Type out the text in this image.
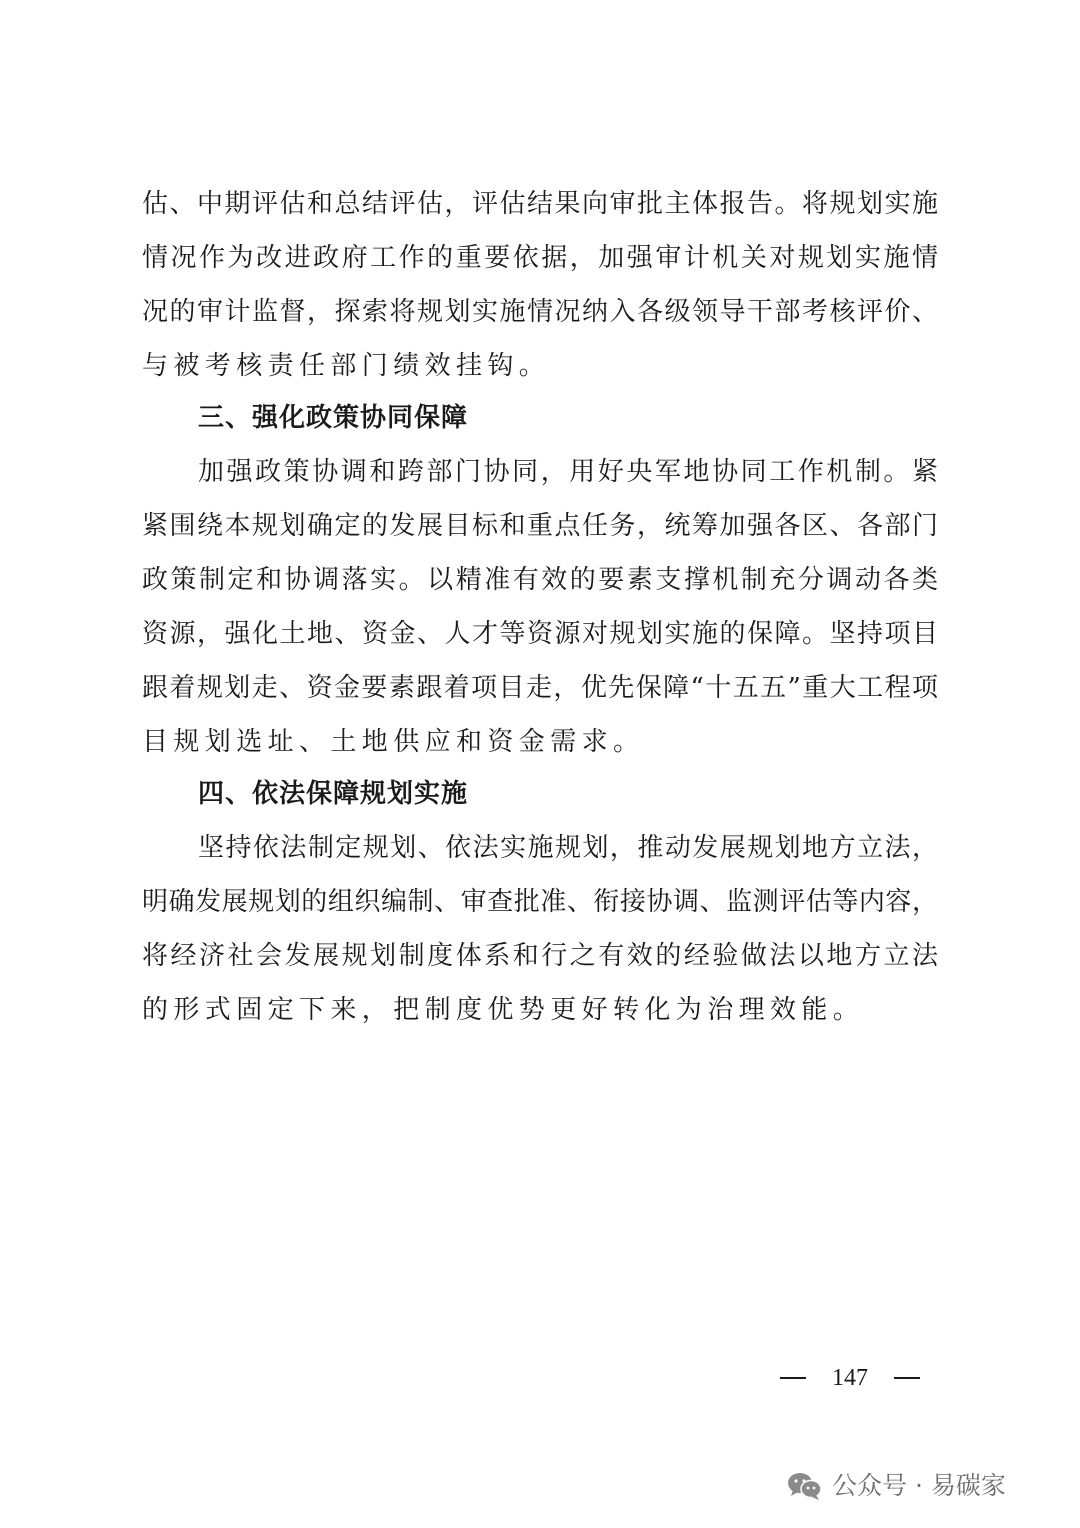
估、中期评估和总结评估，评估结果向审批主体报告。将规划实施
情况作为改进政府工作的重要依据，加强审计机关对规划实施情
况的审计监督，探索将规划实施情况纳入各级领导干部考核评价、
与被考核责任部门绩效挂钩。
三、强化政策协同保障
加强政策协调和跨部门协同，用好央军地协同工作机制。紧
紧围绕本规划确定的发展目标和重点任务，统筹加强各区、各部门
政策制定和协调落实。以精准有效的要素支撑机制充分调动各类
资源，强化土地、资金、人才等资源对规划实施的保障。坚持项目
跟着规划走、资金要素跟着项目走，优先保障“十五五”重大工程项
目规划选址、土地供应和资金需求。
四、依法保障规划实施
坚持依法制定规划、依法实施规划，推动发展规划地方立法，
明确发展规划的组织编制、审查批准、衔接协调、监测评估等内容，
将经济社会发展规划制度体系和行之有效的经验做法以地方立法
的形式固定下来，把制度优势更好转化为治理效能。
147
公众号 · 易碳家
